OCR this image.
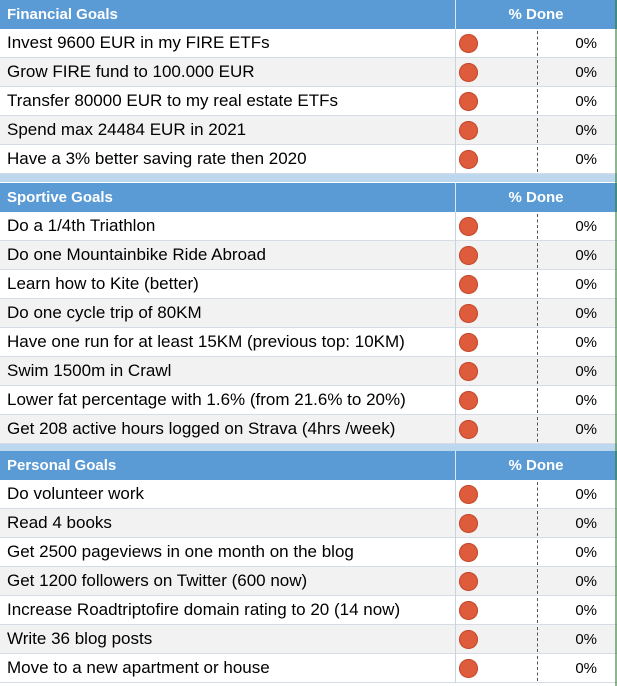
Financial Goals	% Done
Invest 9600 EUR in my FIRE ETFs	0%
Grow FIRE fund to 100.000 EUR	0%
Transfer 80000 EUR to my real estate ETFs	0%
Spend max 24484 EUR in 2021	0%
Have a 3% better saving rate then 2020	0%
Sportive Goals	% Done
Do a 1/4th Triathlon	0%
Do one Mountainbike Ride Abroad	0%
Learn how to Kite (better)	0%
Do one cycle trip of 80KM	0%
Have one run for at least 15KM (previous top: 10KM)	0%
Swim 1500m in Crawl	0%
Lower fat percentage with 1.6% (from 21.6% to 20%)	0%
Get 208 active hours logged on Strava (4hrs /week)	0%
Personal Goals	% Done
Do volunteer work	0%
Read 4 books	0%
Get 2500 pageviews in one month on the blog	0%
Get 1200 followers on Twitter (600 now)	0%
Increase Roadtriptofire domain rating to 20 (14 now)	0%
Write 36 blog posts	0%
Move to a new apartment or house	0%
